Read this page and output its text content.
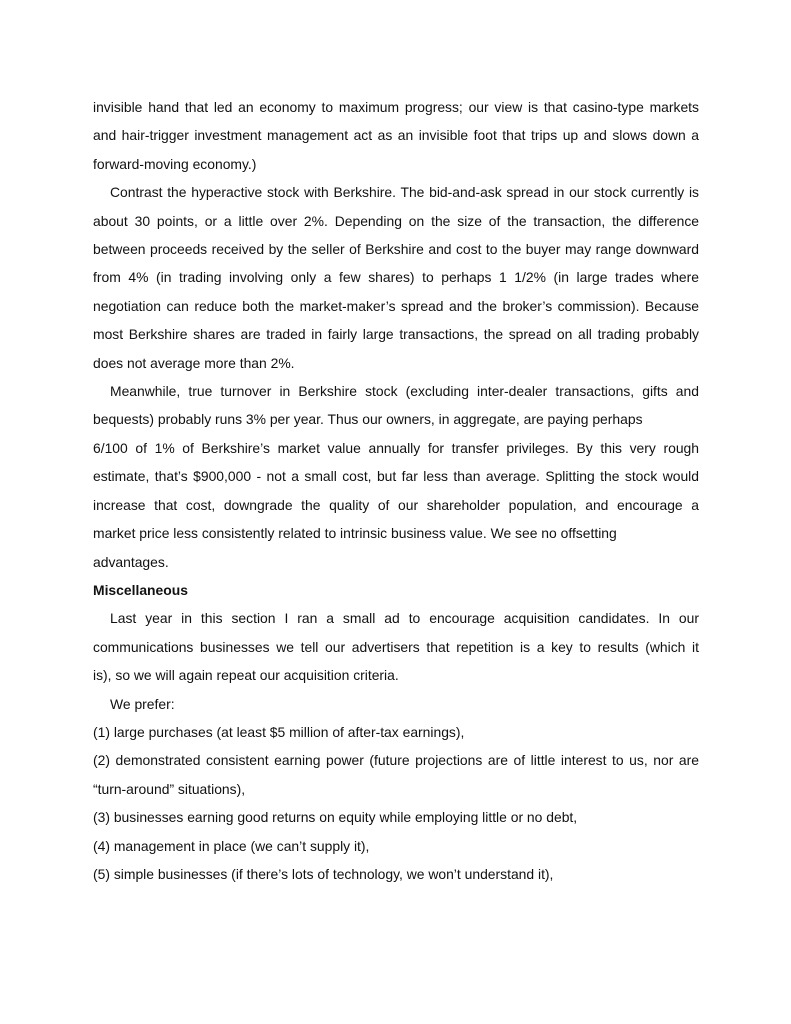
invisible hand that led an economy to maximum progress; our view is that casino-type markets
and hair-trigger investment management act as an invisible foot that trips up and slows down a
forward-moving economy.)

Contrast the hyperactive stock with Berkshire. The bid-and-ask spread in our stock currently is about 30 points, or a little over 2%. Depending on the size of the transaction, the difference between proceeds received by the seller of Berkshire and cost to the buyer may range downward from 4% (in trading involving only a few shares) to perhaps 1 1/2% (in large trades where negotiation can reduce both the market-maker’s spread and the broker’s commission). Because most Berkshire shares are traded in fairly large transactions, the spread on all trading probably does not average more than 2%.

Meanwhile, true turnover in Berkshire stock (excluding inter-dealer transactions, gifts and
bequests) probably runs 3% per year. Thus our owners, in aggregate, are paying perhaps
6/100 of 1% of Berkshire’s market value annually for transfer privileges. By this very rough
estimate, that’s $900,000 - not a small cost, but far less than average. Splitting the stock would
increase that cost, downgrade the quality of our shareholder population, and encourage a
market price less consistently related to intrinsic business value. We see no offsetting
advantages.

Miscellaneous

Last year in this section I ran a small ad to encourage acquisition candidates. In our
communications businesses we tell our advertisers that repetition is a key to results (which it
is), so we will again repeat our acquisition criteria.

We prefer:

(1) large purchases (at least $5 million of after-tax earnings),

(2) demonstrated consistent earning power (future projections are of little interest to us, nor are “turn-around” situations),

(3) businesses earning good returns on equity while employing little or no debt,

(4) management in place (we can’t supply it),

(5) simple businesses (if there’s lots of technology, we won’t understand it),
